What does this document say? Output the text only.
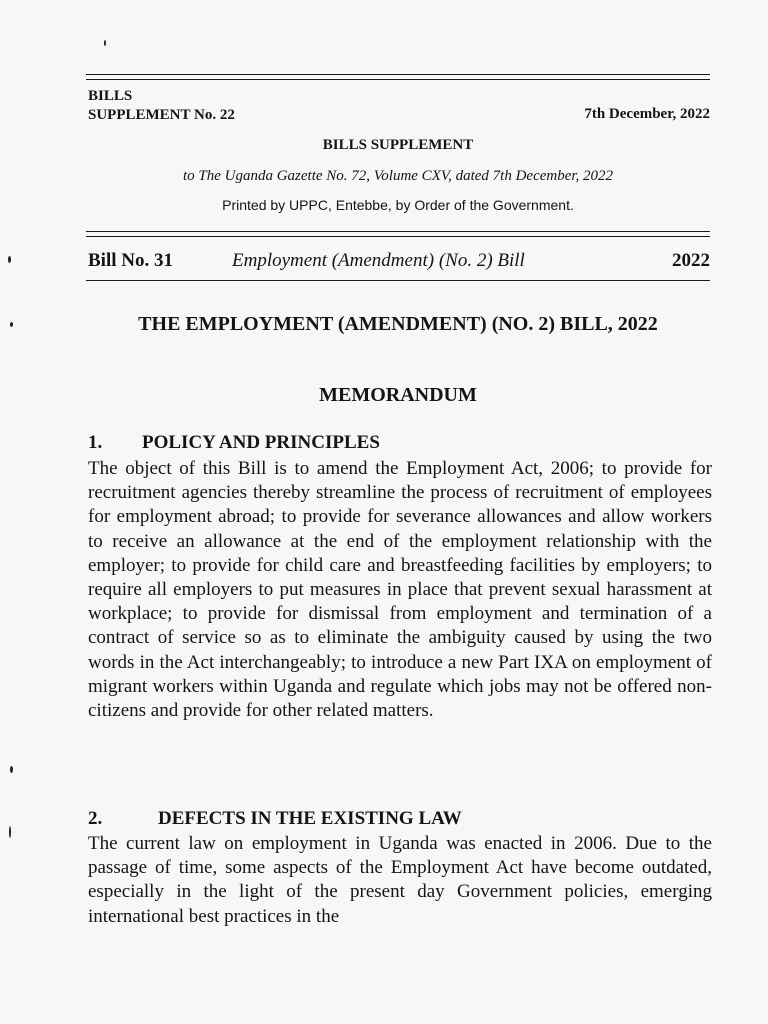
BILLS
SUPPLEMENT No. 22	7th December, 2022
BILLS SUPPLEMENT
to The Uganda Gazette No. 72, Volume CXV, dated 7th December, 2022
Printed by UPPC, Entebbe, by Order of the Government.
Bill No. 31	Employment (Amendment) (No. 2) Bill	2022
THE EMPLOYMENT (AMENDMENT) (NO. 2) BILL, 2022
MEMORANDUM
1. POLICY AND PRINCIPLES

The object of this Bill is to amend the Employment Act, 2006; to provide for recruitment agencies thereby streamline the process of recruitment of employees for employment abroad; to provide for severance allowances and allow workers to receive an allowance at the end of the employment relationship with the employer; to provide for child care and breastfeeding facilities by employers; to require all employers to put measures in place that prevent sexual harassment at workplace; to provide for dismissal from employment and termination of a contract of service so as to eliminate the ambiguity caused by using the two words in the Act interchangeably; to introduce a new Part IXA on employment of migrant workers within Uganda and regulate which jobs may not be offered non-citizens and provide for other related matters.

2.	DEFECTS IN THE EXISTING LAW

The current law on employment in Uganda was enacted in 2006. Due to the passage of time, some aspects of the Employment Act have become outdated, especially in the light of the present day Government policies, emerging international best practices in the
